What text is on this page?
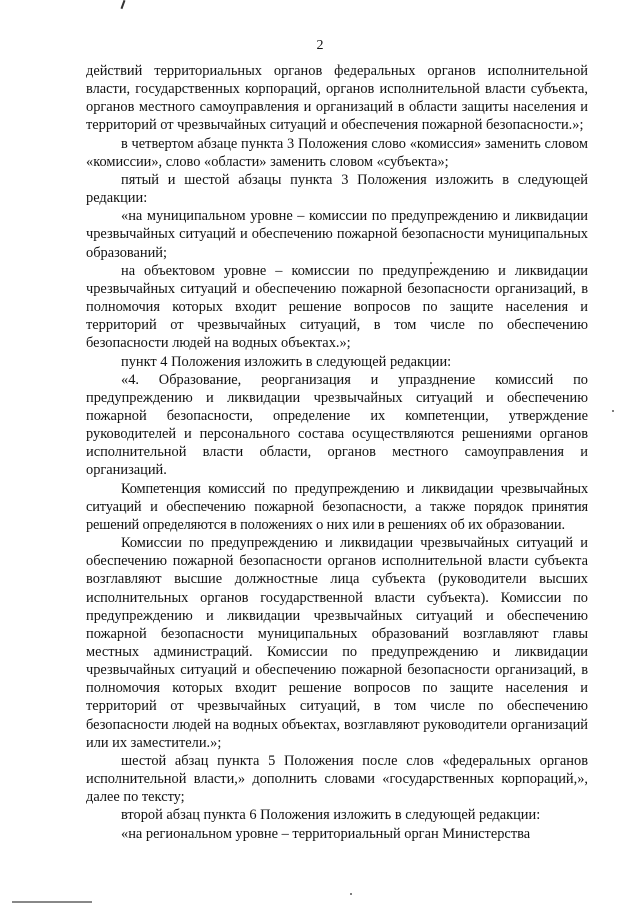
2

действий территориальных органов федеральных органов исполнительной власти, государственных корпораций, органов исполнительной власти субъекта, органов местного самоуправления и организаций в области защиты населения и территорий от чрезвычайных ситуаций и обеспечения пожарной безопасности.»;

в четвертом абзаце пункта 3 Положения слово «комиссия» заменить словом «комиссии», слово «области» заменить словом «субъекта»;

пятый и шестой абзацы пункта 3 Положения изложить в следующей редакции:

«на муниципальном уровне – комиссии по предупреждению и ликвидации чрезвычайных ситуаций и обеспечению пожарной безопасности муниципальных образований;

на объектовом уровне – комиссии по предупреждению и ликвидации чрезвычайных ситуаций и обеспечению пожарной безопасности организаций, в полномочия которых входит решение вопросов по защите населения и территорий от чрезвычайных ситуаций, в том числе по обеспечению безопасности людей на водных объектах.»;

пункт 4 Положения изложить в следующей редакции:

«4. Образование, реорганизация и упразднение комиссий по предупреждению и ликвидации чрезвычайных ситуаций и обеспечению пожарной безопасности, определение их компетенции, утверждение руководителей и персонального состава осуществляются решениями органов исполнительной власти области, органов местного самоуправления и организаций.

Компетенция комиссий по предупреждению и ликвидации чрезвычайных ситуаций и обеспечению пожарной безопасности, а также порядок принятия решений определяются в положениях о них или в решениях об их образовании.

Комиссии по предупреждению и ликвидации чрезвычайных ситуаций и обеспечению пожарной безопасности органов исполнительной власти субъекта возглавляют высшие должностные лица субъекта (руководители высших исполнительных органов государственной власти субъекта). Комиссии по предупреждению и ликвидации чрезвычайных ситуаций и обеспечению пожарной безопасности муниципальных образований возглавляют главы местных администраций. Комиссии по предупреждению и ликвидации чрезвычайных ситуаций и обеспечению пожарной безопасности организаций, в полномочия которых входит решение вопросов по защите населения и территорий от чрезвычайных ситуаций, в том числе по обеспечению безопасности людей на водных объектах, возглавляют руководители организаций или их заместители.»;

шестой абзац пункта 5 Положения после слов «федеральных органов исполнительной власти,» дополнить словами «государственных корпораций,», далее по тексту;

второй абзац пункта 6 Положения изложить в следующей редакции:

«на региональном уровне – территориальный орган Министерства
